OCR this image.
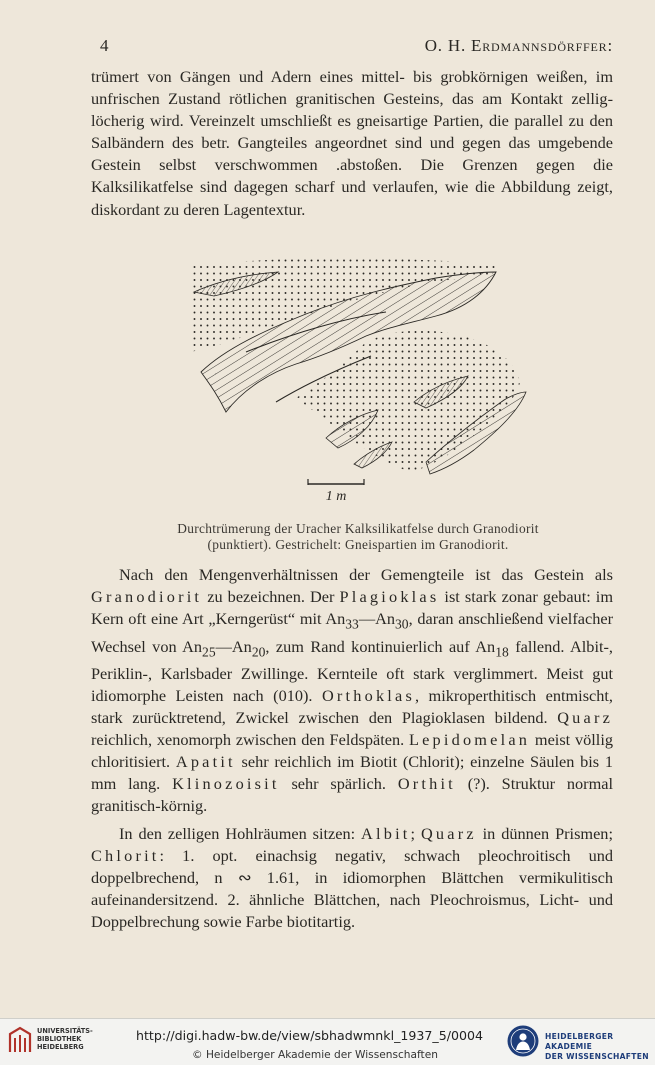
4	O. H. Erdmannsdörffer:

trümert von Gängen und Adern eines mittel- bis grobkörnigen weißen, im unfrischen Zustand rötlichen granitischen Gesteins, das am Kontakt zellig-löcherig wird. Vereinzelt umschließt es gneisartige Partien, die parallel zu den Salbändern des betr. Gangteiles angeordnet sind und gegen das umgebende Gestein selbst verschwommen .abstoßen. Die Grenzen gegen die Kalksilikatfelse sind dagegen scharf und verlaufen, wie die Abbildung zeigt, diskordant zu deren Lagentextur.

1 m
Durchtrümerung der Uracher Kalksilikatfelse durch Granodiorit
(punktiert). Gestrichelt: Gneispartien im Granodiorit.

Nach den Mengenverhältnissen der Gemengteile ist das Gestein als Granodiorit zu bezeichnen. Der Plagioklas ist stark zonar gebaut: im Kern oft eine Art „Kerngerüst“ mit $An_{33}—An_{30}$, daran anschließend vielfacher Wechsel von $An_{25}—An_{20}$, zum Rand kontinuierlich auf $An_{18}$ fallend. Albit-, Periklin-, Karlsbader Zwillinge. Kernteile oft stark verglimmert. Meist gut idiomorphe Leisten nach (010). Orthoklas, mikroperthitisch entmischt, stark zurücktretend, Zwickel zwischen den Plagioklasen bildend. Quarz reichlich, xenomorph zwischen den Feldspäten. Lepidomelan meist völlig chloritisiert. Apatit sehr reichlich im Biotit (Chlorit); einzelne Säulen bis 1 mm lang. Klinozoisit sehr spärlich. Orthit (?). Struktur normal granitisch-körnig.

In den zelligen Hohlräumen sitzen: Albit; Quarz in dünnen Prismen; Chlorit: 1. opt. einachsig negativ, schwach pleochroitisch und doppelbrechend, n ∾ 1.61, in idiomorphen Blättchen vermikulitisch aufeinandersitzend. 2. ähnliche Blättchen, nach Pleochroismus, Licht- und Doppelbrechung sowie Farbe biotitartig.

UNIVERSITÄTS-
BIBLIOTHEK
HEIDELBERG
http://digi.hadw-bw.de/view/sbhadwmnkl_1937_5/0004
© Heidelberger Akademie der Wissenschaften
HEIDELBERGER AKADEMIE
DER WISSENSCHAFTEN
